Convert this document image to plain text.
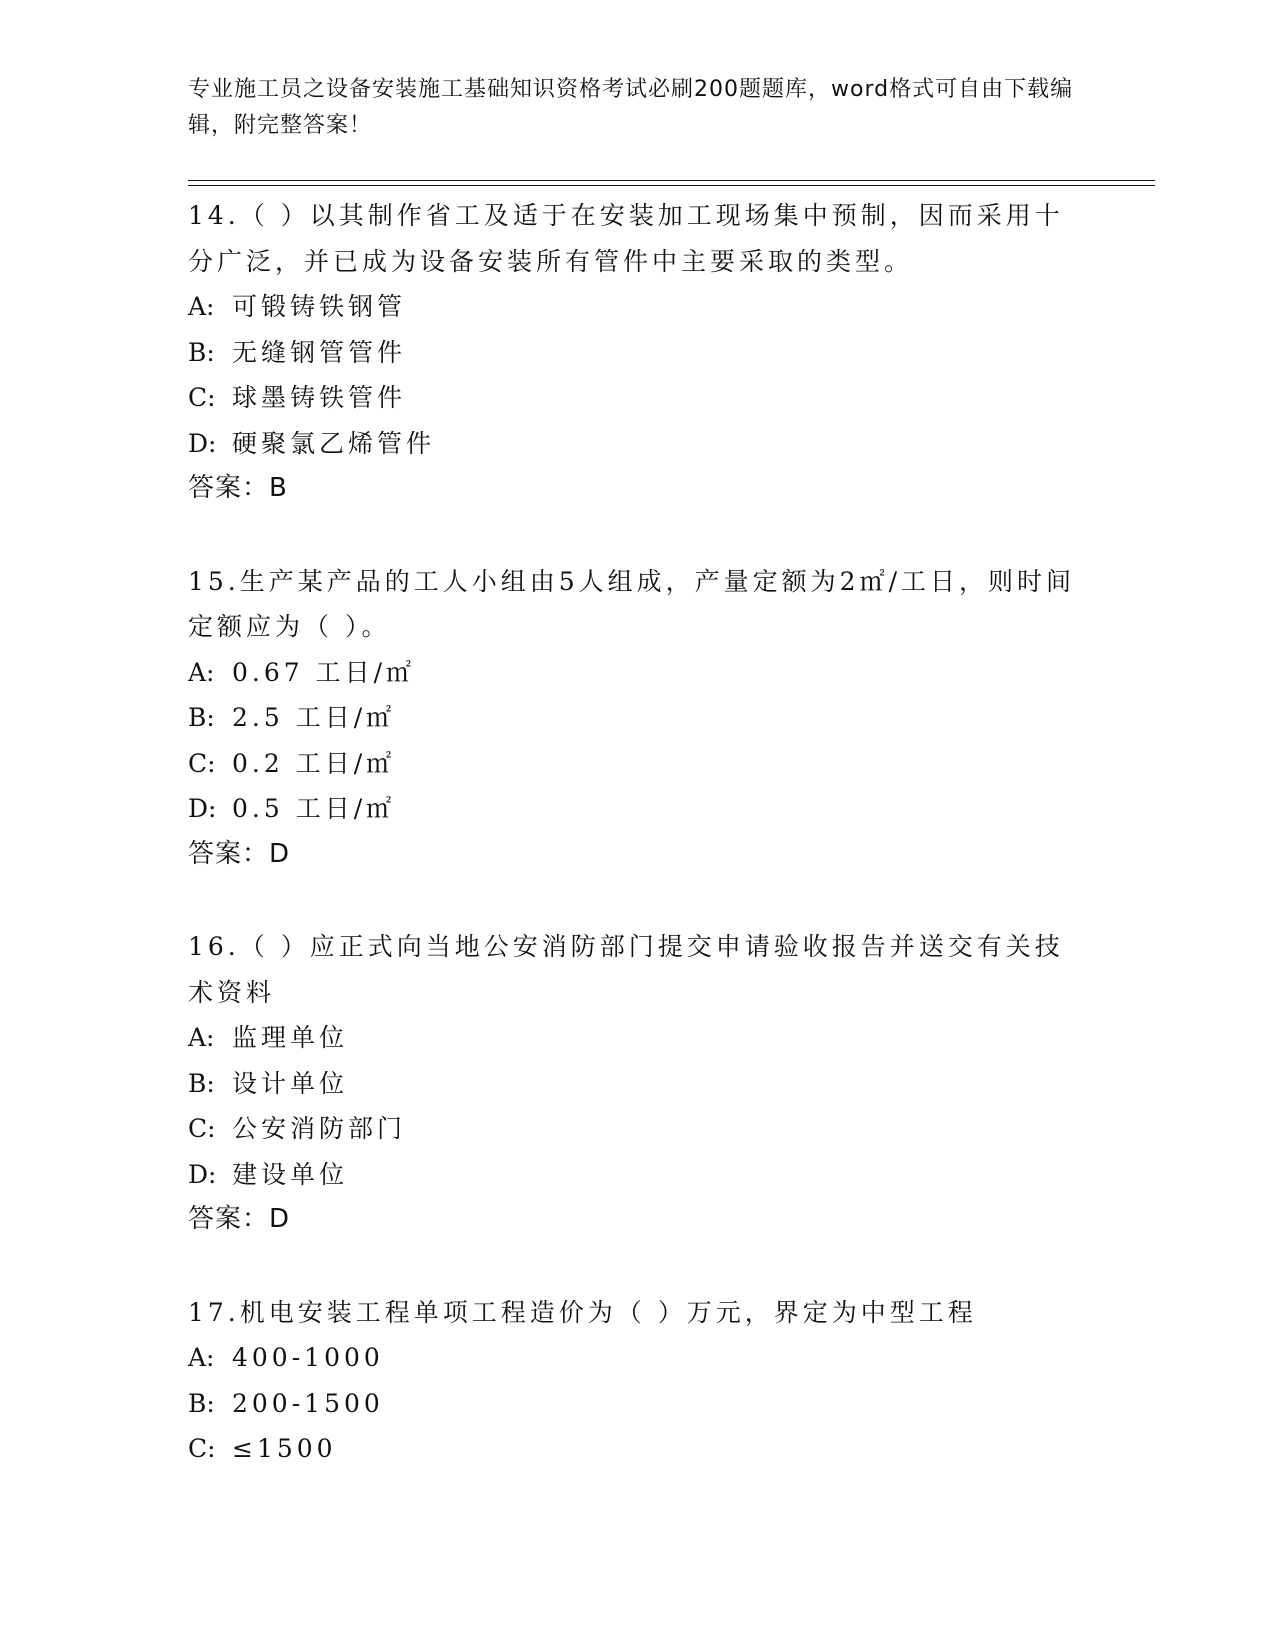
专业施工员之设备安装施工基础知识资格考试必刷200题题库，word格式可自由下载编辑，附完整答案！
14.（ ）以其制作省工及适于在安装加工现场集中预制，因而采用十分广泛，并已成为设备安装所有管件中主要采取的类型。
A: 可锻铸铁钢管
B: 无缝钢管管件
C: 球墨铸铁管件
D: 硬聚氯乙烯管件
答案：B
15.生产某产品的工人小组由5人组成，产量定额为2㎡/工日，则时间定额应为（ ）。
A: 0.67 工日/㎡
B: 2.5 工日/㎡
C: 0.2 工日/㎡
D: 0.5 工日/㎡
答案：D
16.（ ）应正式向当地公安消防部门提交申请验收报告并送交有关技术资料
A: 监理单位
B: 设计单位
C: 公安消防部门
D: 建设单位
答案：D
17.机电安装工程单项工程造价为（ ）万元，界定为中型工程
A: 400-1000
B: 200-1500
C: ≤1500
